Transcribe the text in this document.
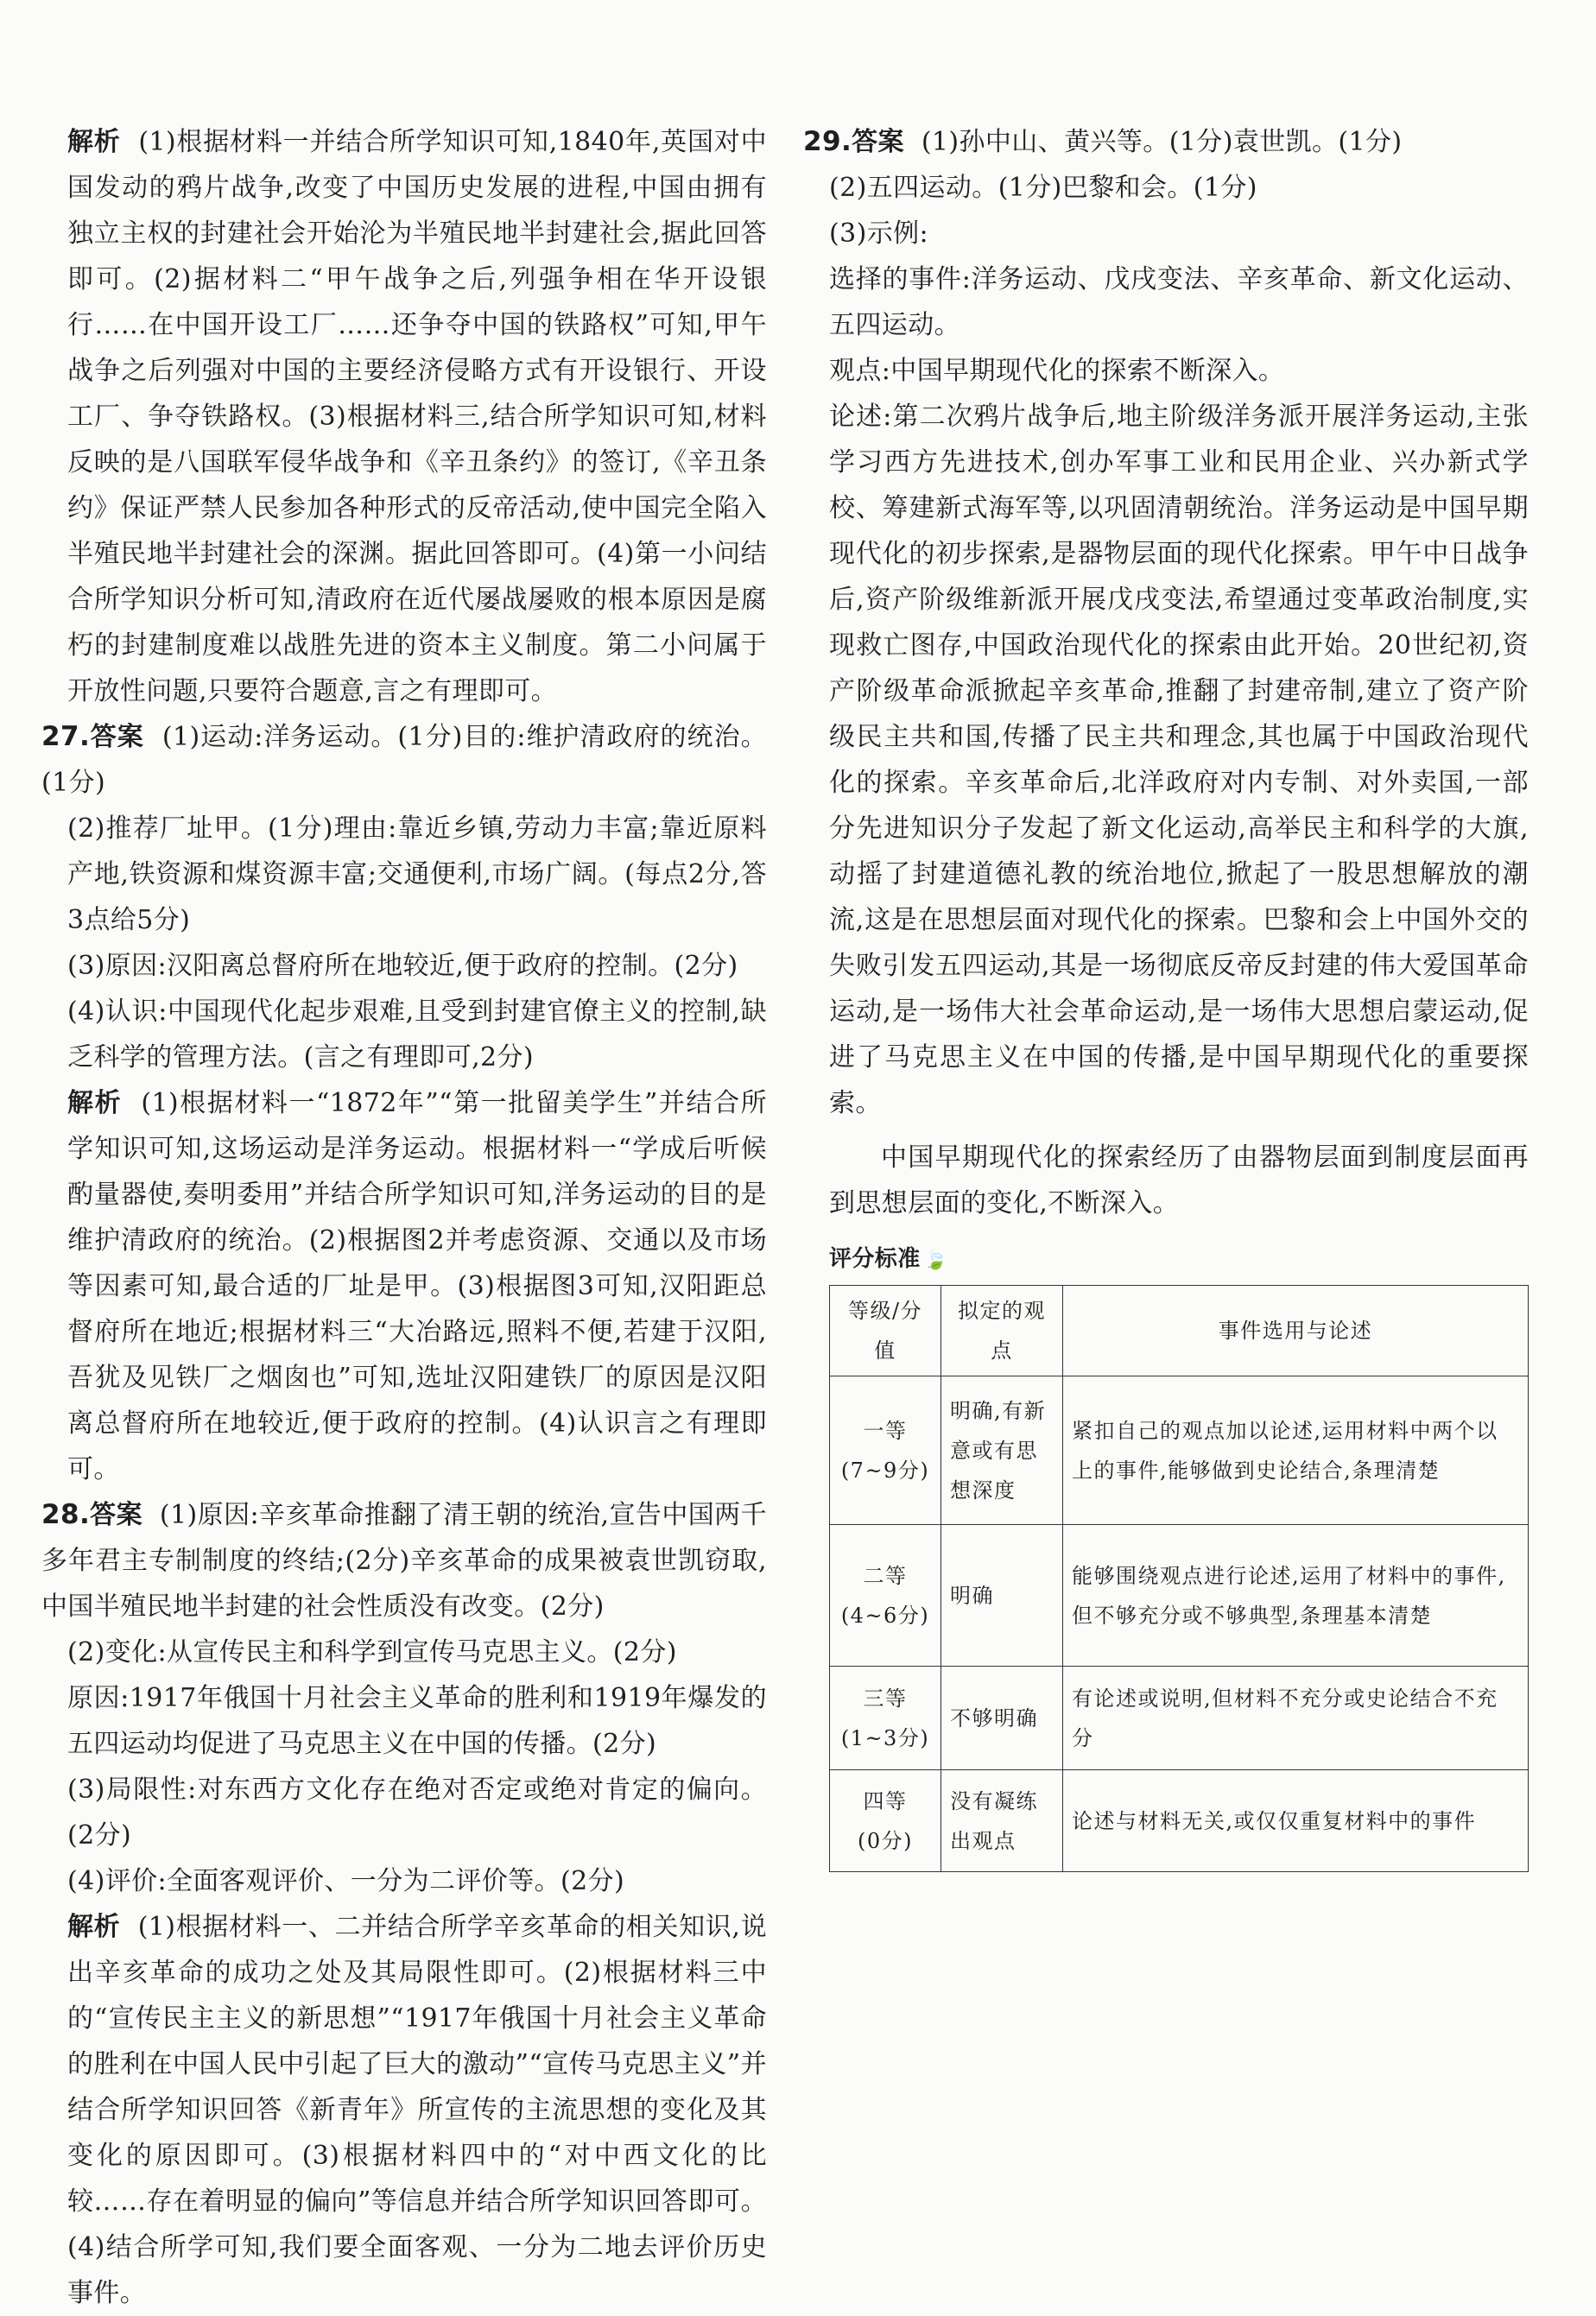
解析 (1)根据材料一并结合所学知识可知,1840年,英国对中国发动的鸦片战争,改变了中国历史发展的进程,中国由拥有独立主权的封建社会开始沦为半殖民地半封建社会,据此回答即可。(2)据材料二“甲午战争之后,列强争相在华开设银行……在中国开设工厂……还争夺中国的铁路权”可知,甲午战争之后列强对中国的主要经济侵略方式有开设银行、开设工厂、争夺铁路权。(3)根据材料三,结合所学知识可知,材料反映的是八国联军侵华战争和《辛丑条约》的签订,《辛丑条约》保证严禁人民参加各种形式的反帝活动,使中国完全陷入半殖民地半封建社会的深渊。据此回答即可。(4)第一小问结合所学知识分析可知,清政府在近代屡战屡败的根本原因是腐朽的封建制度难以战胜先进的资本主义制度。第二小问属于开放性问题,只要符合题意,言之有理即可。

27.答案 (1)运动:洋务运动。(1分)目的:维护清政府的统治。(1分)

(2)推荐厂址甲。(1分)理由:靠近乡镇,劳动力丰富;靠近原料产地,铁资源和煤资源丰富;交通便利,市场广阔。(每点2分,答3点给5分)

(3)原因:汉阳离总督府所在地较近,便于政府的控制。(2分)

(4)认识:中国现代化起步艰难,且受到封建官僚主义的控制,缺乏科学的管理方法。(言之有理即可,2分)

解析 (1)根据材料一“1872年”“第一批留美学生”并结合所学知识可知,这场运动是洋务运动。根据材料一“学成后听候酌量器使,奏明委用”并结合所学知识可知,洋务运动的目的是维护清政府的统治。(2)根据图2并考虑资源、交通以及市场等因素可知,最合适的厂址是甲。(3)根据图3可知,汉阳距总督府所在地近;根据材料三“大冶路远,照料不便,若建于汉阳,吾犹及见铁厂之烟囱也”可知,选址汉阳建铁厂的原因是汉阳离总督府所在地较近,便于政府的控制。(4)认识言之有理即可。

28.答案 (1)原因:辛亥革命推翻了清王朝的统治,宣告中国两千多年君主专制制度的终结;(2分)辛亥革命的成果被袁世凯窃取,中国半殖民地半封建的社会性质没有改变。(2分)

(2)变化:从宣传民主和科学到宣传马克思主义。(2分)

原因:1917年俄国十月社会主义革命的胜利和1919年爆发的五四运动均促进了马克思主义在中国的传播。(2分)

(3)局限性:对东西方文化存在绝对否定或绝对肯定的偏向。(2分)

(4)评价:全面客观评价、一分为二评价等。(2分)

解析 (1)根据材料一、二并结合所学辛亥革命的相关知识,说出辛亥革命的成功之处及其局限性即可。(2)根据材料三中的“宣传民主主义的新思想”“1917年俄国十月社会主义革命的胜利在中国人民中引起了巨大的激动”“宣传马克思主义”并结合所学知识回答《新青年》所宣传的主流思想的变化及其变化的原因即可。(3)根据材料四中的“对中西文化的比较……存在着明显的偏向”等信息并结合所学知识回答即可。(4)结合所学可知,我们要全面客观、一分为二地去评价历史事件。

29.答案 (1)孙中山、黄兴等。(1分)袁世凯。(1分)

(2)五四运动。(1分)巴黎和会。(1分)

(3)示例:

选择的事件:洋务运动、戊戌变法、辛亥革命、新文化运动、五四运动。

观点:中国早期现代化的探索不断深入。

论述:第二次鸦片战争后,地主阶级洋务派开展洋务运动,主张学习西方先进技术,创办军事工业和民用企业、兴办新式学校、筹建新式海军等,以巩固清朝统治。洋务运动是中国早期现代化的初步探索,是器物层面的现代化探索。甲午中日战争后,资产阶级维新派开展戊戌变法,希望通过变革政治制度,实现救亡图存,中国政治现代化的探索由此开始。20世纪初,资产阶级革命派掀起辛亥革命,推翻了封建帝制,建立了资产阶级民主共和国,传播了民主共和理念,其也属于中国政治现代化的探索。辛亥革命后,北洋政府对内专制、对外卖国,一部分先进知识分子发起了新文化运动,高举民主和科学的大旗,动摇了封建道德礼教的统治地位,掀起了一股思想解放的潮流,这是在思想层面对现代化的探索。巴黎和会上中国外交的失败引发五四运动,其是一场彻底反帝反封建的伟大爱国革命运动,是一场伟大社会革命运动,是一场伟大思想启蒙运动,促进了马克思主义在中国的传播,是中国早期现代化的重要探索。

中国早期现代化的探索经历了由器物层面到制度层面再到思想层面的变化,不断深入。

评分标准 🍃
等级/分值	拟定的观点	事件选用与论述

一等
(7~9分)	明确,有新意或有思想深度	紧扣自己的观点加以论述,运用材料中两个以上的事件,能够做到史论结合,条理清楚

二等
(4~6分)	明确	能够围绕观点进行论述,运用了材料中的事件,但不够充分或不够典型,条理基本清楚

三等
(1~3分)	不够明确	有论述或说明,但材料不充分或史论结合不充分

四等
(0分)	没有凝练出观点	论述与材料无关,或仅仅重复材料中的事件
